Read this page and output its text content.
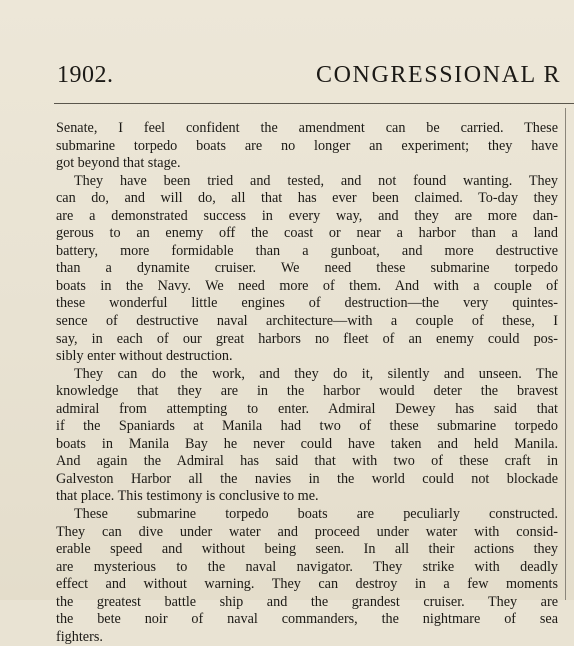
1902.	CONGRESSIONAL R
Senate, I feel confident the amendment can be carried. These
submarine torpedo boats are no longer an experiment; they have
got beyond that stage.
They have been tried and tested, and not found wanting. They
can do, and will do, all that has ever been claimed. To-day they
are a demonstrated success in every way, and they are more dan-
gerous to an enemy off the coast or near a harbor than a land
battery, more formidable than a gunboat, and more destructive
than a dynamite cruiser. We need these submarine torpedo
boats in the Navy. We need more of them. And with a couple of
these wonderful little engines of destruction—the very quintes-
sence of destructive naval architecture—with a couple of these, I
say, in each of our great harbors no fleet of an enemy could pos-
sibly enter without destruction.
They can do the work, and they do it, silently and unseen. The
knowledge that they are in the harbor would deter the bravest
admiral from attempting to enter. Admiral Dewey has said that
if the Spaniards at Manila had two of these submarine torpedo
boats in Manila Bay he never could have taken and held Manila.
And again the Admiral has said that with two of these craft in
Galveston Harbor all the navies in the world could not blockade
that place. This testimony is conclusive to me.
These submarine torpedo boats are peculiarly constructed.
They can dive under water and proceed under water with consid-
erable speed and without being seen. In all their actions they
are mysterious to the naval navigator. They strike with deadly
effect and without warning. They can destroy in a few moments
the greatest battle ship and the grandest cruiser. They are
the bete noir of naval commanders, the nightmare of sea
fighters.
